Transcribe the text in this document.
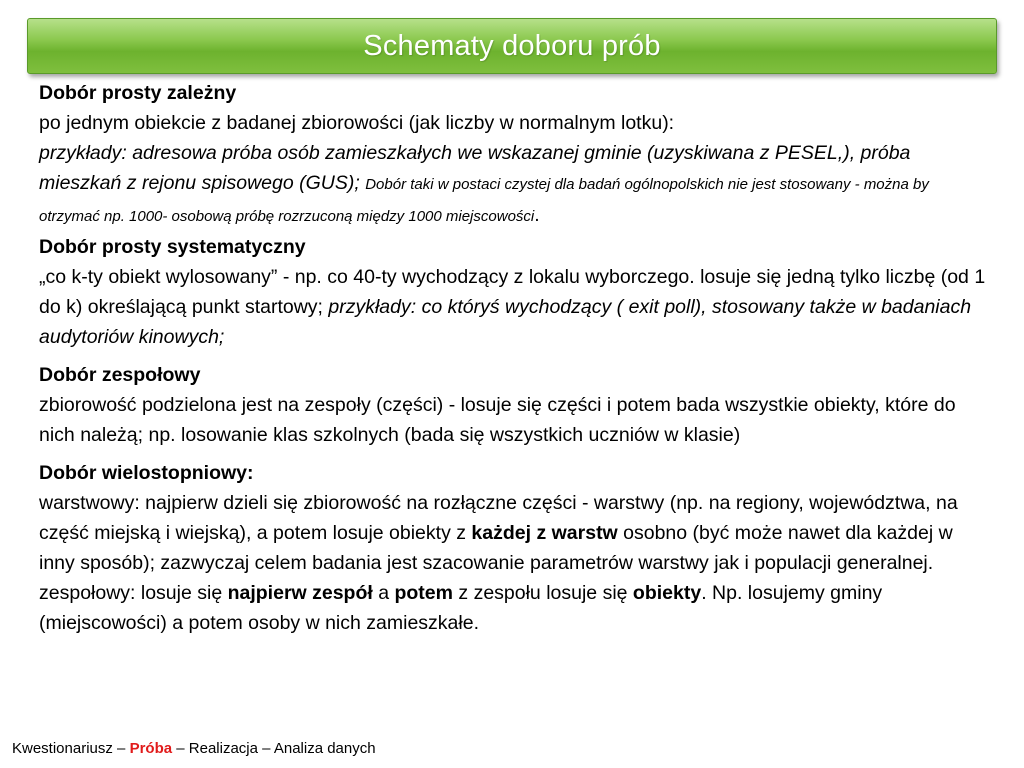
Schematy doboru prób

Dobór prosty zależny

po jednym obiekcie z badanej zbiorowości (jak liczby w normalnym lotku):

przykłady: adresowa próba osób zamieszkałych we wskazanej gminie (uzyskiwana z PESEL,), próba mieszkań z rejonu spisowego (GUS); Dobór taki w postaci czystej dla badań ogólnopolskich nie jest stosowany - można by otrzymać np. 1000- osobową próbę rozrzuconą między 1000 miejscowości.

Dobór prosty systematyczny

„co k-ty obiekt wylosowany” - np. co 40-ty wychodzący z lokalu wyborczego. losuje się jedną tylko liczbę (od 1 do k) określającą punkt startowy; przykłady: co któryś wychodzący ( exit poll), stosowany także w badaniach audytoriów kinowych;

Dobór zespołowy

zbiorowość podzielona jest na zespoły (części) - losuje się części i potem bada wszystkie obiekty, które do nich należą; np. losowanie klas szkolnych (bada się wszystkich uczniów w klasie)

Dobór wielostopniowy:

warstwowy: najpierw dzieli się zbiorowość na rozłączne części - warstwy (np. na regiony, województwa, na część miejską i wiejską), a potem losuje obiekty z każdej z warstw osobno (być może nawet dla każdej w inny sposób); zazwyczaj celem badania jest szacowanie parametrów warstwy jak i populacji generalnej.

zespołowy: losuje się najpierw zespół a potem z zespołu losuje się obiekty. Np. losujemy gminy (miejscowości) a potem osoby w nich zamieszkałe.

Kwestionariusz – Próba – Realizacja – Analiza danych
